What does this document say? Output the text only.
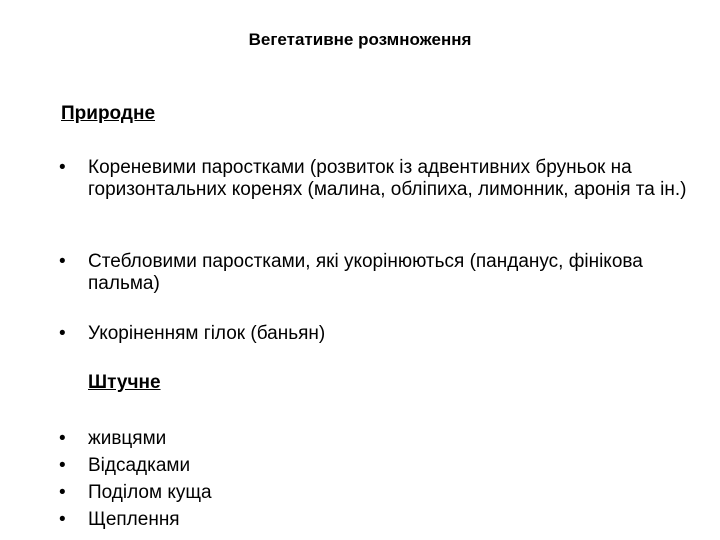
Вегетативне розмноження
Природне
•	Кореневими паростками (розвиток із адвентивних бруньок на горизонтальних коренях (малина, обліпиха, лимонник, аронія та ін.)
•	Стебловими паростками, які укорінюються (панданус, фінікова пальма)
•	Укоріненням гілок (баньян)
Штучне
• живцями
• Відсадками
• Поділом куща
• Щеплення
